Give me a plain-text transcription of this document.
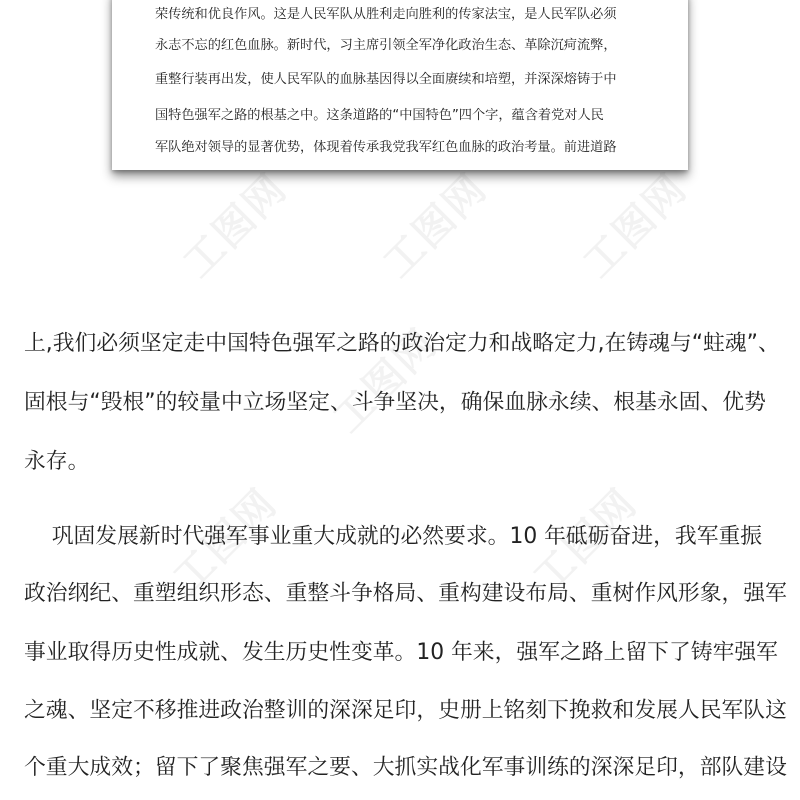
工图网 工图网 工图网
工图网
工图网	工图网
荣传统和优良作风。这是人民军队从胜利走向胜利的传家法宝，是人民军队必须
永志不忘的红色血脉。新时代，习主席引领全军净化政治生态、革除沉疴流弊，
重整行装再出发，使人民军队的血脉基因得以全面赓续和培塑，并深深熔铸于中
国特色强军之路的根基之中。这条道路的“中国特色”四个字，蕴含着党对人民
军队绝对领导的显著优势，体现着传承我党我军红色血脉的政治考量。前进道路
上,我们必须坚定走中国特色强军之路的政治定力和战略定力,在铸魂与“蛀魂”、
固根与“毁根”的较量中立场坚定、斗争坚决，确保血脉永续、根基永固、优势
永存。
巩固发展新时代强军事业重大成就的必然要求。10 年砥砺奋进，我军重振
政治纲纪、重塑组织形态、重整斗争格局、重构建设布局、重树作风形象，强军
事业取得历史性成就、发生历史性变革。10 年来，强军之路上留下了铸牢强军
之魂、坚定不移推进政治整训的深深足印，史册上铭刻下挽救和发展人民军队这
个重大成效；留下了聚焦强军之要、大抓实战化军事训练的深深足印，部队建设
